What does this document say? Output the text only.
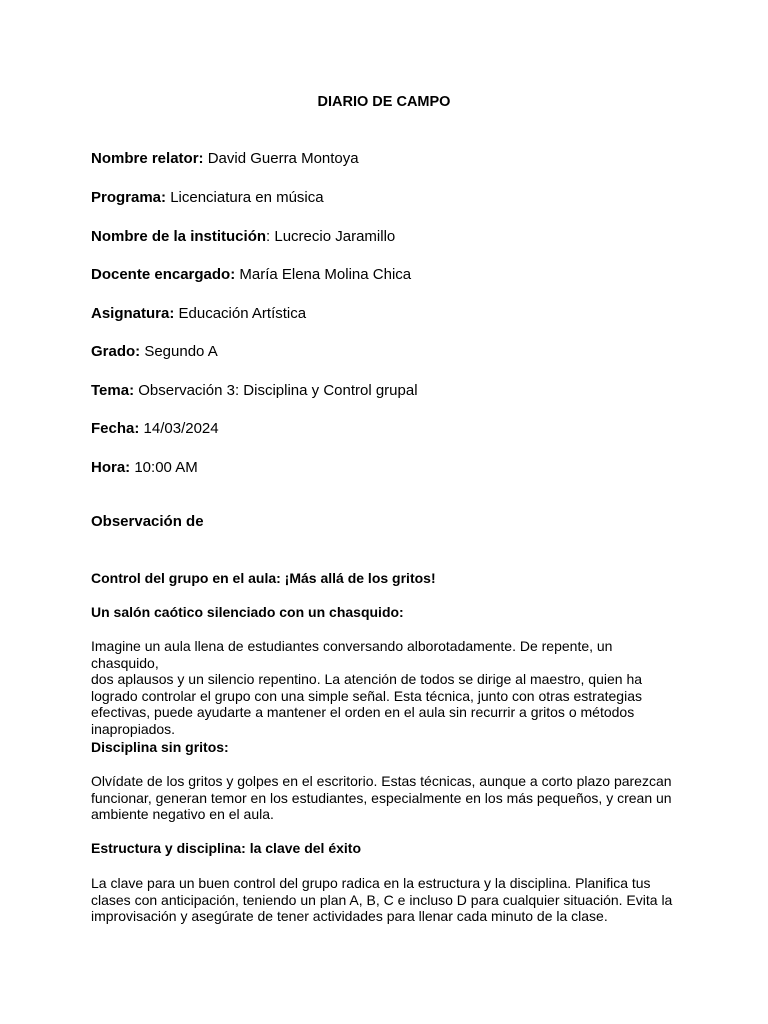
DIARIO DE CAMPO
Nombre relator: David Guerra Montoya
Programa: Licenciatura en música
Nombre de la institución: Lucrecio Jaramillo
Docente encargado: María Elena Molina Chica
Asignatura: Educación Artística
Grado: Segundo A
Tema: Observación 3: Disciplina y Control grupal
Fecha: 14/03/2024
Hora: 10:00 AM
Observación de
Control del grupo en el aula: ¡Más allá de los gritos!
Un salón caótico silenciado con un chasquido:
Imagine un aula llena de estudiantes conversando alborotadamente. De repente, un chasquido,
dos aplausos y un silencio repentino. La atención de todos se dirige al maestro, quien ha
logrado controlar el grupo con una simple señal. Esta técnica, junto con otras estrategias
efectivas, puede ayudarte a mantener el orden en el aula sin recurrir a gritos o métodos
inapropiados.
Disciplina sin gritos:
Olvídate de los gritos y golpes en el escritorio. Estas técnicas, aunque a corto plazo parezcan
funcionar, generan temor en los estudiantes, especialmente en los más pequeños, y crean un
ambiente negativo en el aula.
Estructura y disciplina: la clave del éxito
La clave para un buen control del grupo radica en la estructura y la disciplina. Planifica tus
clases con anticipación, teniendo un plan A, B, C e incluso D para cualquier situación. Evita la
improvisación y asegúrate de tener actividades para llenar cada minuto de la clase.
